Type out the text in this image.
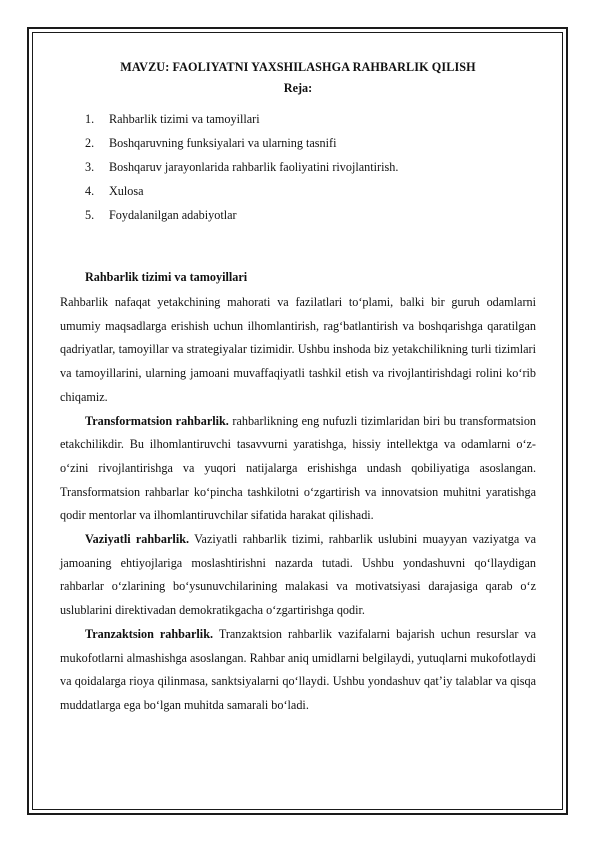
MAVZU: FAOLIYATNI YAXSHILASHGA RAHBARLIK QILISH

Reja:

1. Rahbarlik tizimi va tamoyillari
2. Boshqaruvning funksiyalari va ularning tasnifi
3. Boshqaruv jarayonlarida rahbarlik faoliyatini rivojlantirish.
4. Xulosa
5. Foydalanilgan adabiyotlar
Rahbarlik tizimi va tamoyillari

Rahbarlik nafaqat yetakchining mahorati va fazilatlari to‘plami, balki bir guruh odamlarni umumiy maqsadlarga erishish uchun ilhomlantirish, rag‘batlantirish va boshqarishga qaratilgan qadriyatlar, tamoyillar va strategiyalar tizimidir. Ushbu inshoda biz yetakchilikning turli tizimlari va tamoyillarini, ularning jamoani muvaffaqiyatli tashkil etish va rivojlantirishdagi rolini ko‘rib chiqamiz.

Transformatsion rahbarlik. rahbarlikning eng nufuzli tizimlaridan biri bu transformatsion etakchilikdir. Bu ilhomlantiruvchi tasavvurni yaratishga, hissiy intellektga va odamlarni o‘z-o‘zini rivojlantirishga va yuqori natijalarga erishishga undash qobiliyatiga asoslangan. Transformatsion rahbarlar ko‘pincha tashkilotni o‘zgartirish va innovatsion muhitni yaratishga qodir mentorlar va ilhomlantiruvchilar sifatida harakat qilishadi.

Vaziyatli rahbarlik. Vaziyatli rahbarlik tizimi, rahbarlik uslubini muayyan vaziyatga va jamoaning ehtiyojlariga moslashtirishni nazarda tutadi. Ushbu yondashuvni qo‘llaydigan rahbarlar o‘zlarining bo‘ysunuvchilarining malakasi va motivatsiyasi darajasiga qarab o‘z uslublarini direktivadan demokratikgacha o‘zgartirishga qodir.

Tranzaktsion rahbarlik. Tranzaktsion rahbarlik vazifalarni bajarish uchun resurslar va mukofotlarni almashishga asoslangan. Rahbar aniq umidlarni belgilaydi, yutuqlarni mukofotlaydi va qoidalarga rioya qilinmasa, sanktsiyalarni qo‘llaydi. Ushbu yondashuv qat’iy talablar va qisqa muddatlarga ega bo‘lgan muhitda samarali bo‘ladi.
